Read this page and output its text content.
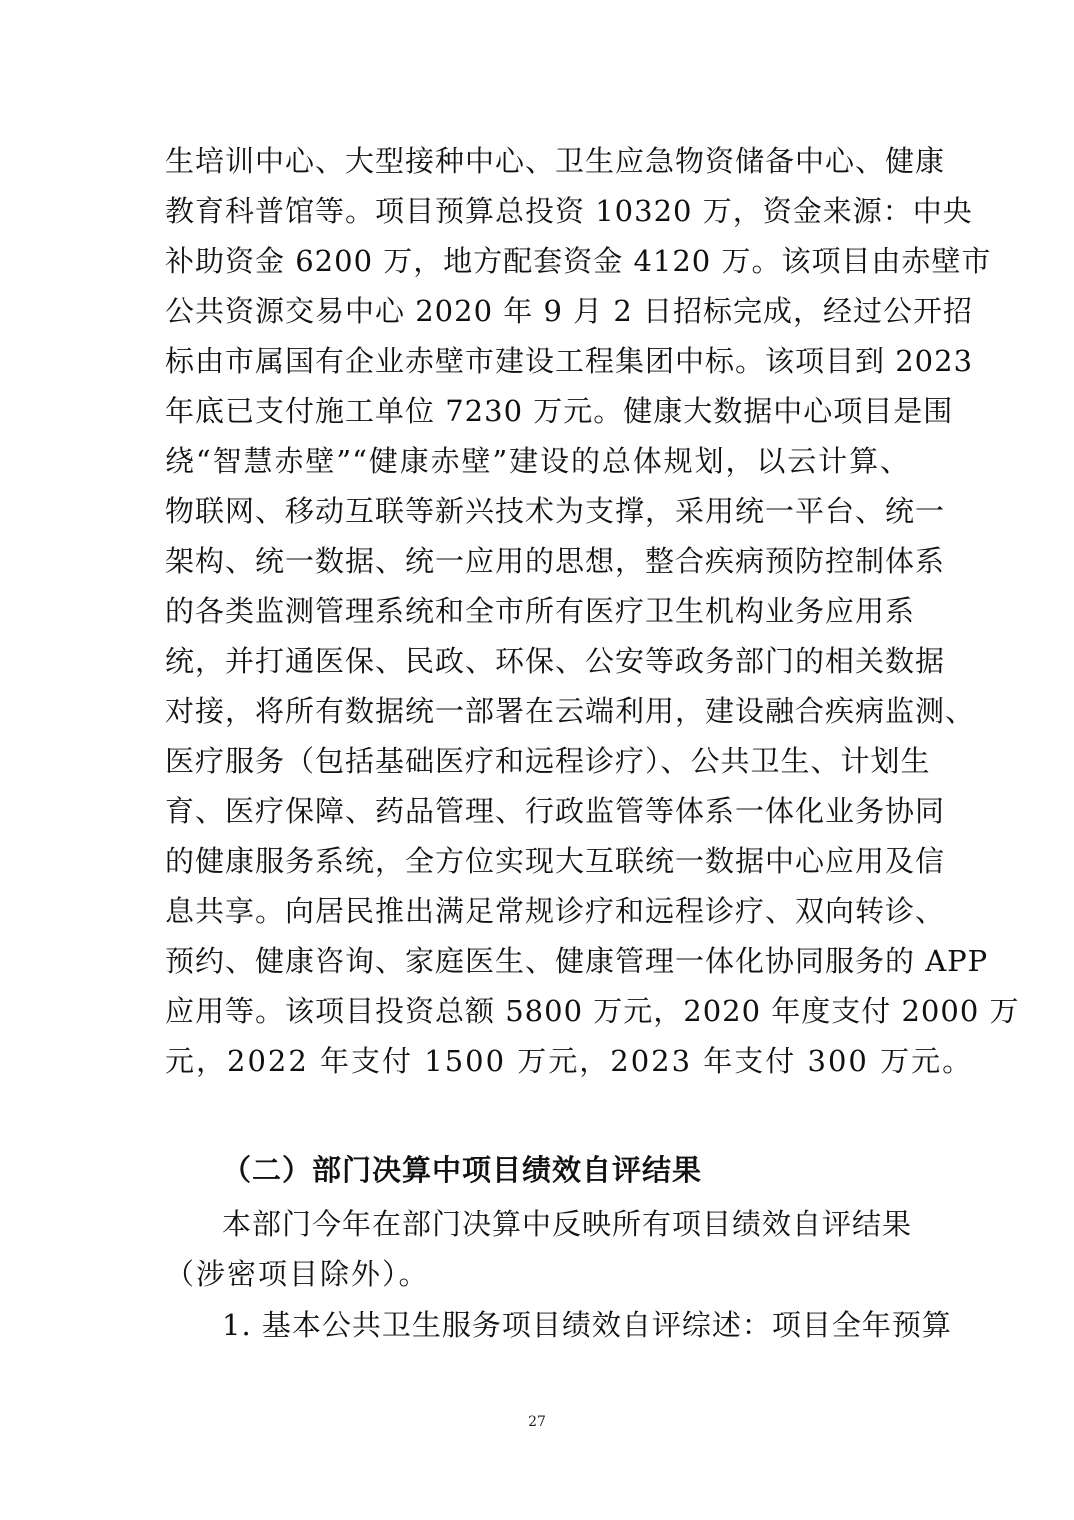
生培训中心、大型接种中心、卫生应急物资储备中心、健康
教育科普馆等。项目预算总投资 10320 万，资金来源：中央
补助资金 6200 万，地方配套资金 4120 万。该项目由赤壁市
公共资源交易中心 2020 年 9 月 2 日招标完成，经过公开招
标由市属国有企业赤壁市建设工程集团中标。该项目到 2023
年底已支付施工单位 7230 万元。健康大数据中心项目是围
绕“智慧赤壁”“健康赤壁”建设的总体规划，以云计算、
物联网、移动互联等新兴技术为支撑，采用统一平台、统一
架构、统一数据、统一应用的思想，整合疾病预防控制体系
的各类监测管理系统和全市所有医疗卫生机构业务应用系
统，并打通医保、民政、环保、公安等政务部门的相关数据
对接，将所有数据统一部署在云端利用，建设融合疾病监测、
医疗服务（包括基础医疗和远程诊疗）、公共卫生、计划生
育、医疗保障、药品管理、行政监管等体系一体化业务协同
的健康服务系统，全方位实现大互联统一数据中心应用及信
息共享。向居民推出满足常规诊疗和远程诊疗、双向转诊、
预约、健康咨询、家庭医生、健康管理一体化协同服务的 APP
应用等。该项目投资总额 5800 万元，2020 年度支付 2000 万
元，2022 年支付 1500 万元，2023 年支付 300 万元。
（二）部门决算中项目绩效自评结果
本部门今年在部门决算中反映所有项目绩效自评结果
（涉密项目除外）。
1. 基本公共卫生服务项目绩效自评综述：项目全年预算
27
